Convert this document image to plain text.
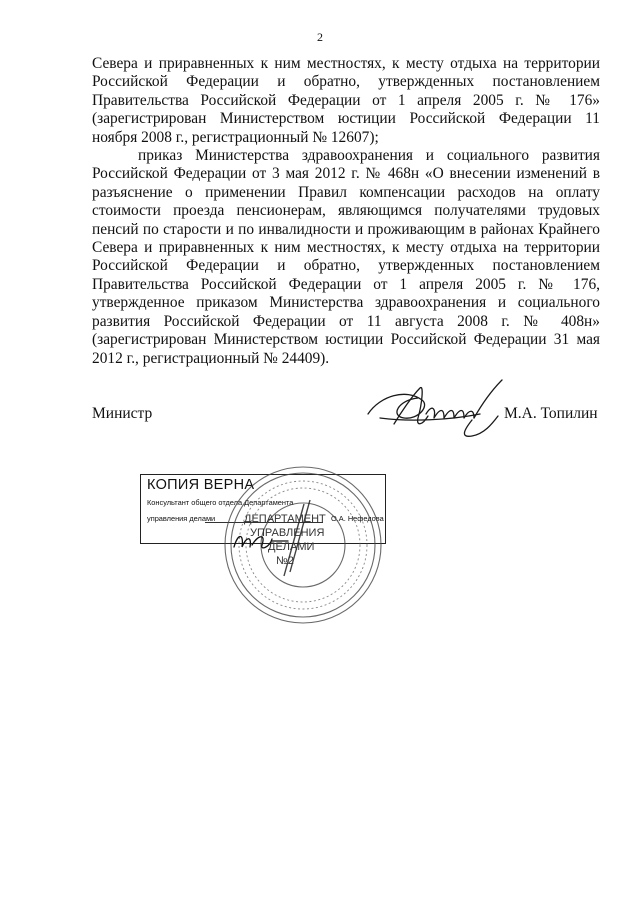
2

Севера и приравненных к ним местностях, к месту отдыха на территории Российской Федерации и обратно, утвержденных постановлением Правительства Российской Федерации от 1 апреля 2005 г. № 176» (зарегистрирован Министерством юстиции Российской Федерации 11 ноября 2008 г., регистрационный № 12607);

приказ Министерства здравоохранения и социального развития Российской Федерации от 3 мая 2012 г. № 468н «О внесении изменений в разъяснение о применении Правил компенсации расходов на оплату стоимости проезда пенсионерам, являющимся получателями трудовых пенсий по старости и по инвалидности и проживающим в районах Крайнего Севера и приравненных к ним местностях, к месту отдыха на территории Российской Федерации и обратно, утвержденных постановлением Правительства Российской Федерации от 1 апреля 2005 г. № 176, утвержденное приказом Министерства здравоохранения и социального развития Российской Федерации от 11 августа 2008 г. № 408н» (зарегистрирован Министерством юстиции Российской Федерации 31 мая 2012 г., регистрационный № 24409).

Министр	М.А. Топилин
КОПИЯ ВЕРНА
Консультант общего отдела Департамента
управления делами	О.А. Нефедова
ДЕПАРТАМЕНТ
УПРАВЛЕНИЯ
ДЕЛАМИ
№2
